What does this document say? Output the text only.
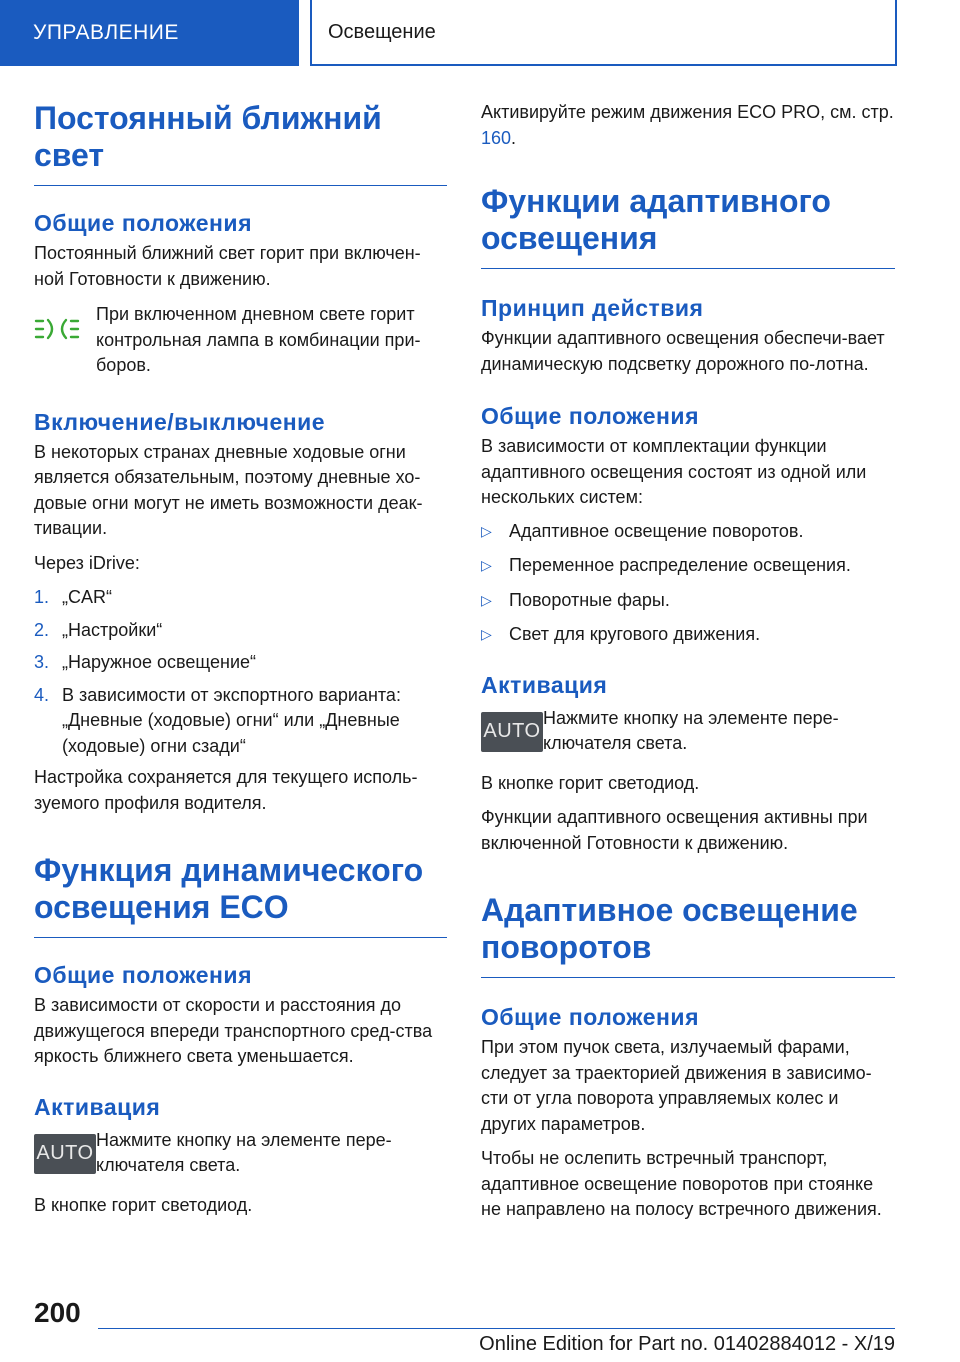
УПРАВЛЕНИЕ	Освещение
Постоянный ближний
свет
Общие положения

Постоянный ближний свет горит при включен-ной Готовности к движению.

При включенном дневном свете горит контрольная лампа в комбинации при-боров.

Включение/выключение

В некоторых странах дневные ходовые огни является обязательным, поэтому дневные хо-довые огни могут не иметь возможности деак-тивации.

Через iDrive:

1. „CAR“
2. „Настройки“
3. „Наружное освещение“
4. В зависимости от экспортного варианта: „Дневные (ходовые) огни“ или „Дневные (ходовые) огни сзади“

Настройка сохраняется для текущего исполь-зуемого профиля водителя.

Функция динамического
освещения ECO
Общие положения

В зависимости от скорости и расстояния до движущегося впереди транспортного сред-ства яркость ближнего света уменьшается.

Активация
AUTO

Нажмите кнопку на элементе пере-ключателя света.

В кнопке горит светодиод.

Активируйте режим движения ECO PRO, см. стр. 160.

Функции адаптивного
освещения
Принцип действия

Функции адаптивного освещения обеспечи-вает динамическую подсветку дорожного по-лотна.

Общие положения

В зависимости от комплектации функции адаптивного освещения состоят из одной или нескольких систем:

▷ Адаптивное освещение поворотов.
▷ Переменное распределение освещения.
▷ Поворотные фары.
▷ Свет для кругового движения.
Активация
AUTO

Нажмите кнопку на элементе пере-ключателя света.

В кнопке горит светодиод.

Функции адаптивного освещения активны при включенной Готовности к движению.

Адаптивное освещение
поворотов
Общие положения

При этом пучок света, излучаемый фарами, следует за траекторией движения в зависимо-сти от угла поворота управляемых колес и других параметров.

Чтобы не ослепить встречный транспорт, адаптивное освещение поворотов при стоянке не направлено на полосу встречного движения.

200
Online Edition for Part no. 01402884012 - X/19
